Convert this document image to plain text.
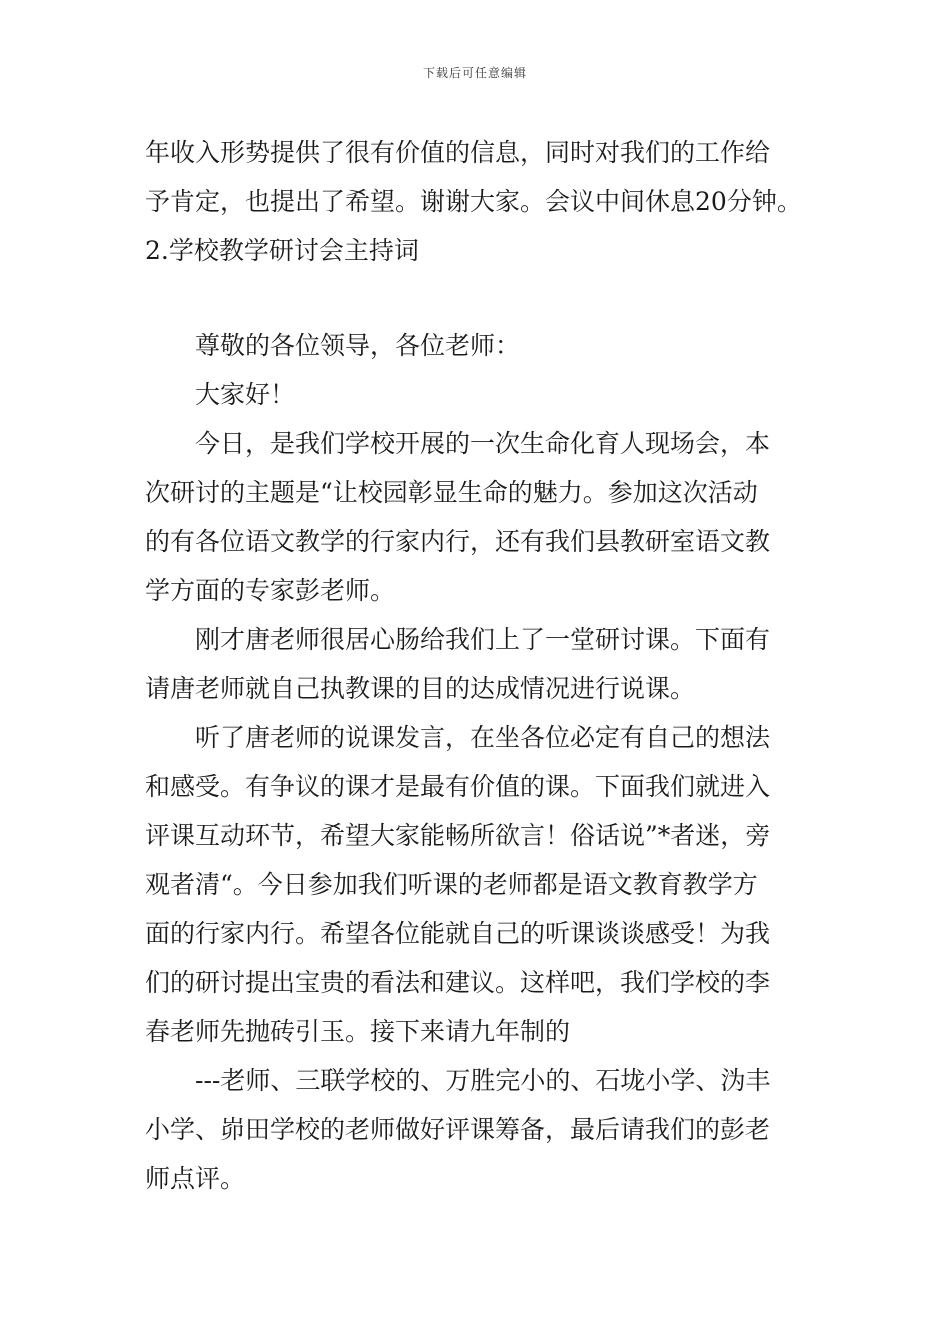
下载后可任意编辑
年收入形势提供了很有价值的信息，同时对我们的工作给
予肯定，也提出了希望。谢谢大家。会议中间休息20分钟。
2.学校教学研讨会主持词
尊敬的各位领导，各位老师：
大家好！
今日，是我们学校开展的一次生命化育人现场会，本
次研讨的主题是“让校园彰显生命的魅力。参加这次活动
的有各位语文教学的行家内行，还有我们县教研室语文教
学方面的专家彭老师。
刚才唐老师很居心肠给我们上了一堂研讨课。下面有
请唐老师就自己执教课的目的达成情况进行说课。
听了唐老师的说课发言，在坐各位必定有自己的想法
和感受。有争议的课才是最有价值的课。下面我们就进入
评课互动环节，希望大家能畅所欲言！俗话说”*者迷，旁
观者清“。今日参加我们听课的老师都是语文教育教学方
面的行家内行。希望各位能就自己的听课谈谈感受！为我
们的研讨提出宝贵的看法和建议。这样吧，我们学校的李
春老师先抛砖引玉。接下来请九年制的
---老师、三联学校的、万胜完小的、石垅小学、沩丰
小学、峁田学校的老师做好评课筹备，最后请我们的彭老
师点评。
